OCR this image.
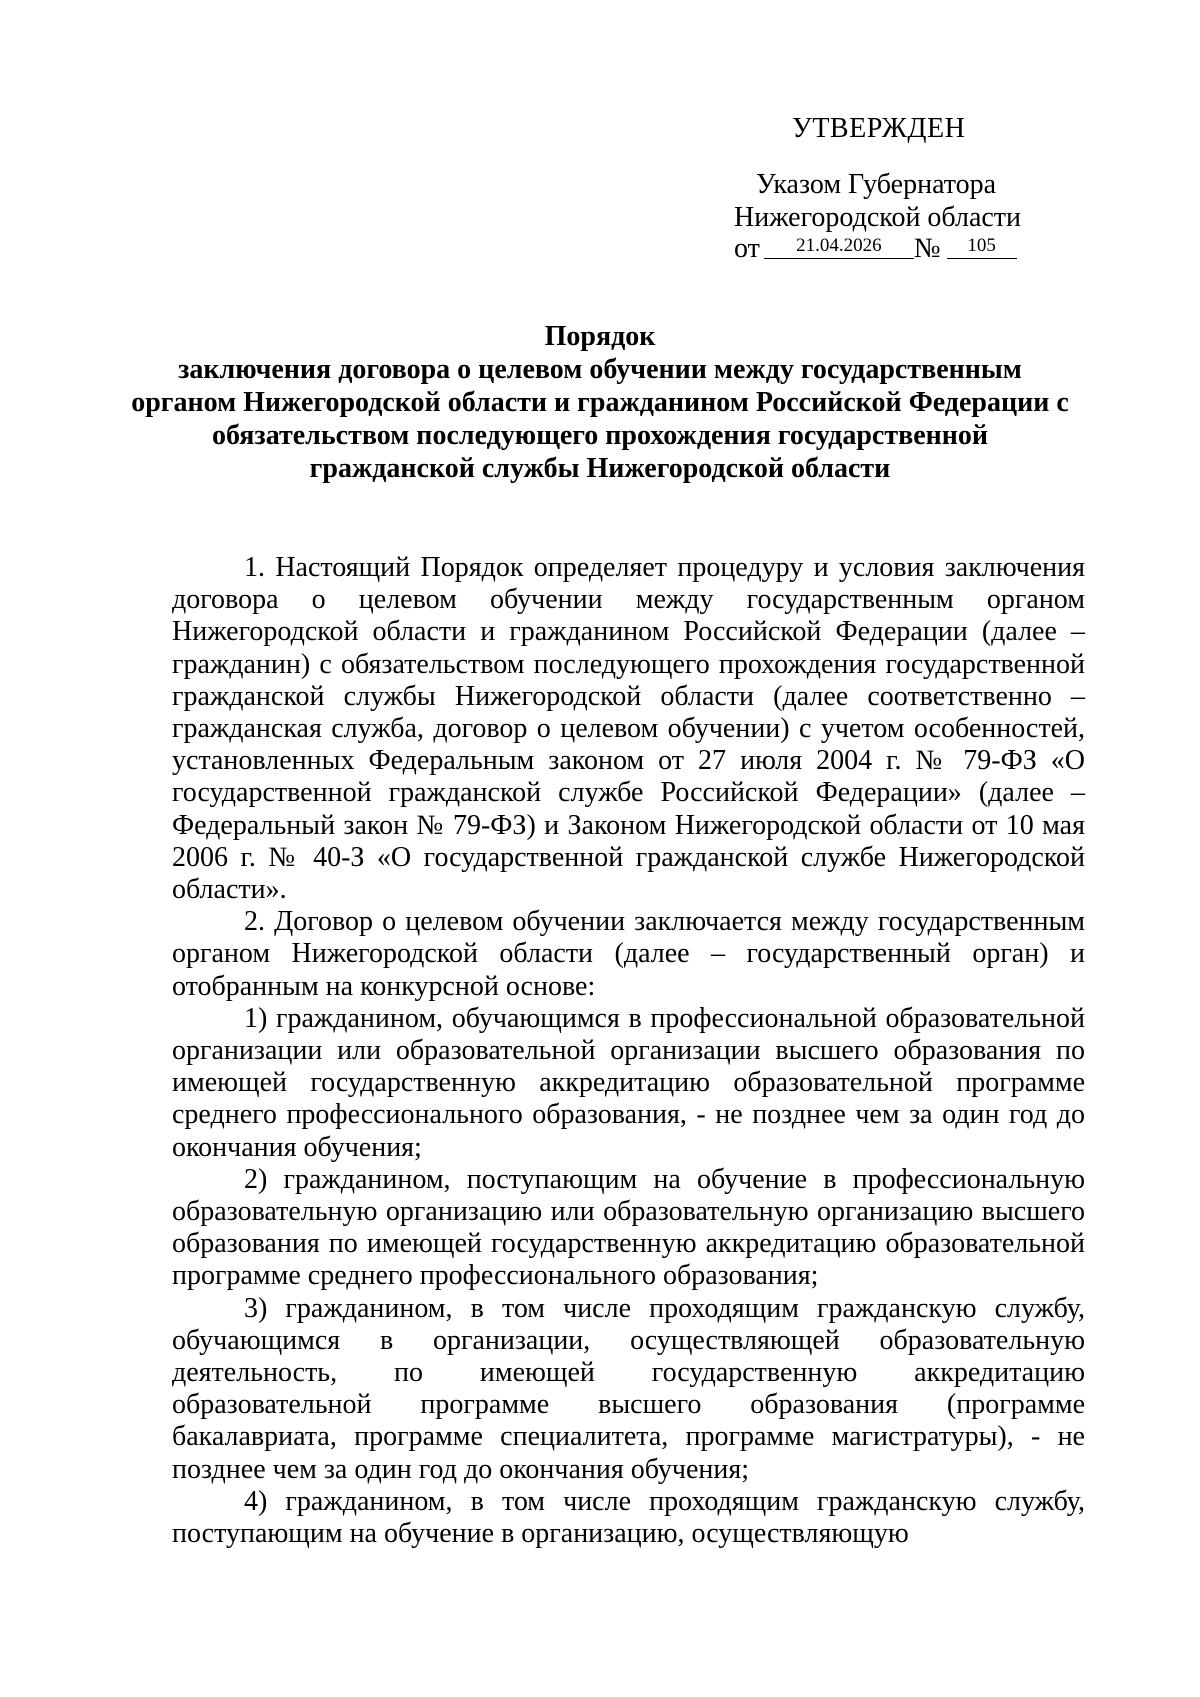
УТВЕРЖДЕН
Указом Губернатора
Нижегородской области
от 21.04.2026 № 105
Порядок
заключения договора о целевом обучении между государственным органом Нижегородской области и гражданином Российской Федерации с обязательством последующего прохождения государственной гражданской службы Нижегородской области

1. Настоящий Порядок определяет процедуру и условия заключения договора о целевом обучении между государственным органом Нижегородской области и гражданином Российской Федерации (далее – гражданин) с обязательством последующего прохождения государственной гражданской службы Нижегородской области (далее соответственно – гражданская служба, договор о целевом обучении) с учетом особенностей, установленных Федеральным законом от 27 июля 2004 г. № 79-ФЗ «О государственной гражданской службе Российской Федерации» (далее – Федеральный закон № 79-ФЗ) и Законом Нижегородской области от 10 мая 2006 г. № 40-З «О государственной гражданской службе Нижегородской области».

2. Договор о целевом обучении заключается между государственным органом Нижегородской области (далее – государственный орган) и отобранным на конкурсной основе:

1) гражданином, обучающимся в профессиональной образовательной организации или образовательной организации высшего образования по имеющей государственную аккредитацию образовательной программе среднего профессионального образования, - не позднее чем за один год до окончания обучения;

2) гражданином, поступающим на обучение в профессиональную образовательную организацию или образовательную организацию высшего образования по имеющей государственную аккредитацию образовательной программе среднего профессионального образования;

3) гражданином, в том числе проходящим гражданскую службу, обучающимся в организации, осуществляющей образовательную деятельность, по имеющей государственную аккредитацию образовательной программе высшего образования (программе бакалавриата, программе специалитета, программе магистратуры), - не позднее чем за один год до окончания обучения;

4) гражданином, в том числе проходящим гражданскую службу, поступающим на обучение в организацию, осуществляющую
